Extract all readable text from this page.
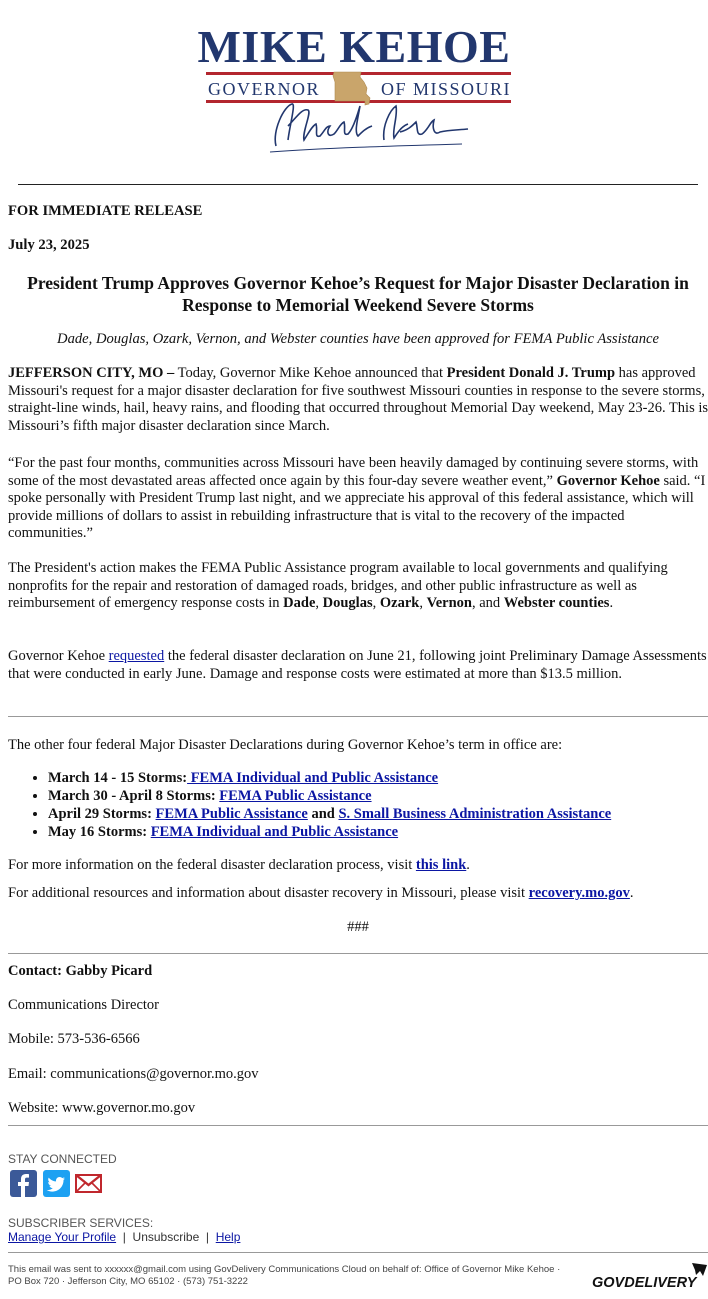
MIKE KEHOE
GOVERNOR	OF MISSOURI

FOR IMMEDIATE RELEASE

July 23, 2025

President Trump Approves Governor Kehoe’s Request for Major Disaster Declaration in Response to Memorial Weekend Severe Storms

Dade, Douglas, Ozark, Vernon, and Webster counties have been approved for FEMA Public Assistance

JEFFERSON CITY, MO – Today, Governor Mike Kehoe announced that President Donald J. Trump has approved Missouri's request for a major disaster declaration for five southwest Missouri counties in response to the severe storms, straight-line winds, hail, heavy rains, and flooding that occurred throughout Memorial Day weekend, May 23-26. This is Missouri’s fifth major disaster declaration since March.

“For the past four months, communities across Missouri have been heavily damaged by continuing severe storms, with some of the most devastated areas affected once again by this four-day severe weather event,” Governor Kehoe said. “I spoke personally with President Trump last night, and we appreciate his approval of this federal assistance, which will provide millions of dollars to assist in rebuilding infrastructure that is vital to the recovery of the impacted communities.”

The President's action makes the FEMA Public Assistance program available to local governments and qualifying nonprofits for the repair and restoration of damaged roads, bridges, and other public infrastructure as well as reimbursement of emergency response costs in Dade, Douglas, Ozark, Vernon, and Webster counties.

Governor Kehoe requested the federal disaster declaration on June 21, following joint Preliminary Damage Assessments that were conducted in early June. Damage and response costs were estimated at more than $13.5 million.

The other four federal Major Disaster Declarations during Governor Kehoe’s term in office are:

• March 14 - 15 Storms: FEMA Individual and Public Assistance
• March 30 - April 8 Storms: FEMA Public Assistance
• April 29 Storms: FEMA Public Assistance and S. Small Business Administration Assistance
• May 16 Storms: FEMA Individual and Public Assistance

For more information on the federal disaster declaration process, visit this link.

For additional resources and information about disaster recovery in Missouri, please visit recovery.mo.gov.

###

Contact: Gabby Picard

Communications Director

Mobile: 573-536-6566

Email: communications@governor.mo.gov

Website: www.governor.mo.gov

STAY CONNECTED

SUBSCRIBER SERVICES:
Manage Your Profile | Unsubscribe | Help
This email was sent to xxxxxx@gmail.com using GovDelivery Communications Cloud on behalf of: Office of Governor Mike Kehoe ·
PO Box 720 · Jefferson City, MO 65102 · (573) 751-3222	GOVDELIVERY
